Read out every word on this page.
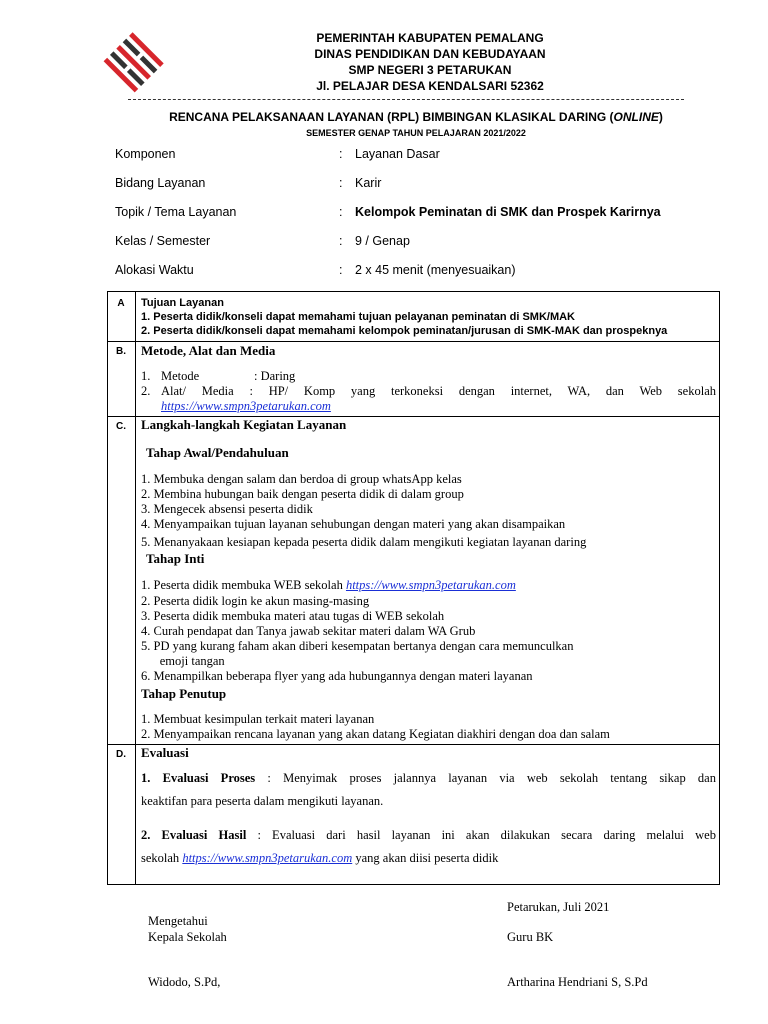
PEMERINTAH KABUPATEN PEMALANG
DINAS PENDIDIKAN DAN KEBUDAYAAN
SMP NEGERI 3 PETARUKAN
Jl. PELAJAR DESA KENDALSARI 52362
RENCANA PELAKSANAAN LAYANAN (RPL) BIMBINGAN KLASIKAL DARING (ONLINE)
SEMESTER GENAP TAHUN PELAJARAN 2021/2022
Komponen	: Layanan Dasar
Bidang Layanan	: Karir
Topik / Tema Layanan	: Kelompok Peminatan di SMK dan Prospek Karirnya
Kelas / Semester	: 9 / Genap
Alokasi Waktu	: 2 x 45 menit (menyesuaikan)
A	Tujuan Layanan
1. Peserta didik/konseli dapat memahami tujuan pelayanan peminatan di SMK/MAK
2. Peserta didik/konseli dapat memahami kelompok peminatan/jurusan di SMK-MAK dan prospeknya
B.	Metode, Alat dan Media
1. Metode	: Daring
2. Alat/ Media : HP/ Komp yang terkoneksi dengan internet, WA, dan Web sekolah
https://www.smpn3petarukan.com
C.	Langkah-langkah Kegiatan Layanan
Tahap Awal/Pendahuluan
1. Membuka dengan salam dan berdoa di group whatsApp kelas
2. Membina hubungan baik dengan peserta didik di dalam group
3. Mengecek absensi peserta didik
4. Menyampaikan tujuan layanan sehubungan dengan materi yang akan disampaikan
5. Menanyakaan kesiapan kepada peserta didik dalam mengikuti kegiatan layanan daring
Tahap Inti
1. Peserta didik membuka WEB sekolah https://www.smpn3petarukan.com
2. Peserta didik login ke akun masing-masing
3. Peserta didik membuka materi atau tugas di WEB sekolah
4. Curah pendapat dan Tanya jawab sekitar materi dalam WA Grub
5. PD yang kurang faham akan diberi kesempatan bertanya dengan cara memunculkan
emoji tangan
6. Menampilkan beberapa flyer yang ada hubungannya dengan materi layanan
Tahap Penutup
1. Membuat kesimpulan terkait materi layanan
2. Menyampaikan rencana layanan yang akan datang Kegiatan diakhiri dengan doa dan salam
D.	Evaluasi
1. Evaluasi Proses : Menyimak proses jalannya layanan via web sekolah tentang sikap dan
keaktifan para peserta dalam mengikuti layanan.
2. Evaluasi Hasil : Evaluasi dari hasil layanan ini akan dilakukan secara daring melalui web
sekolah https://www.smpn3petarukan.com yang akan diisi peserta didik
Petarukan, Juli 2021
Mengetahui
Kepala Sekolah	Guru BK
Widodo, S.Pd,	Artharina Hendriani S, S.Pd
